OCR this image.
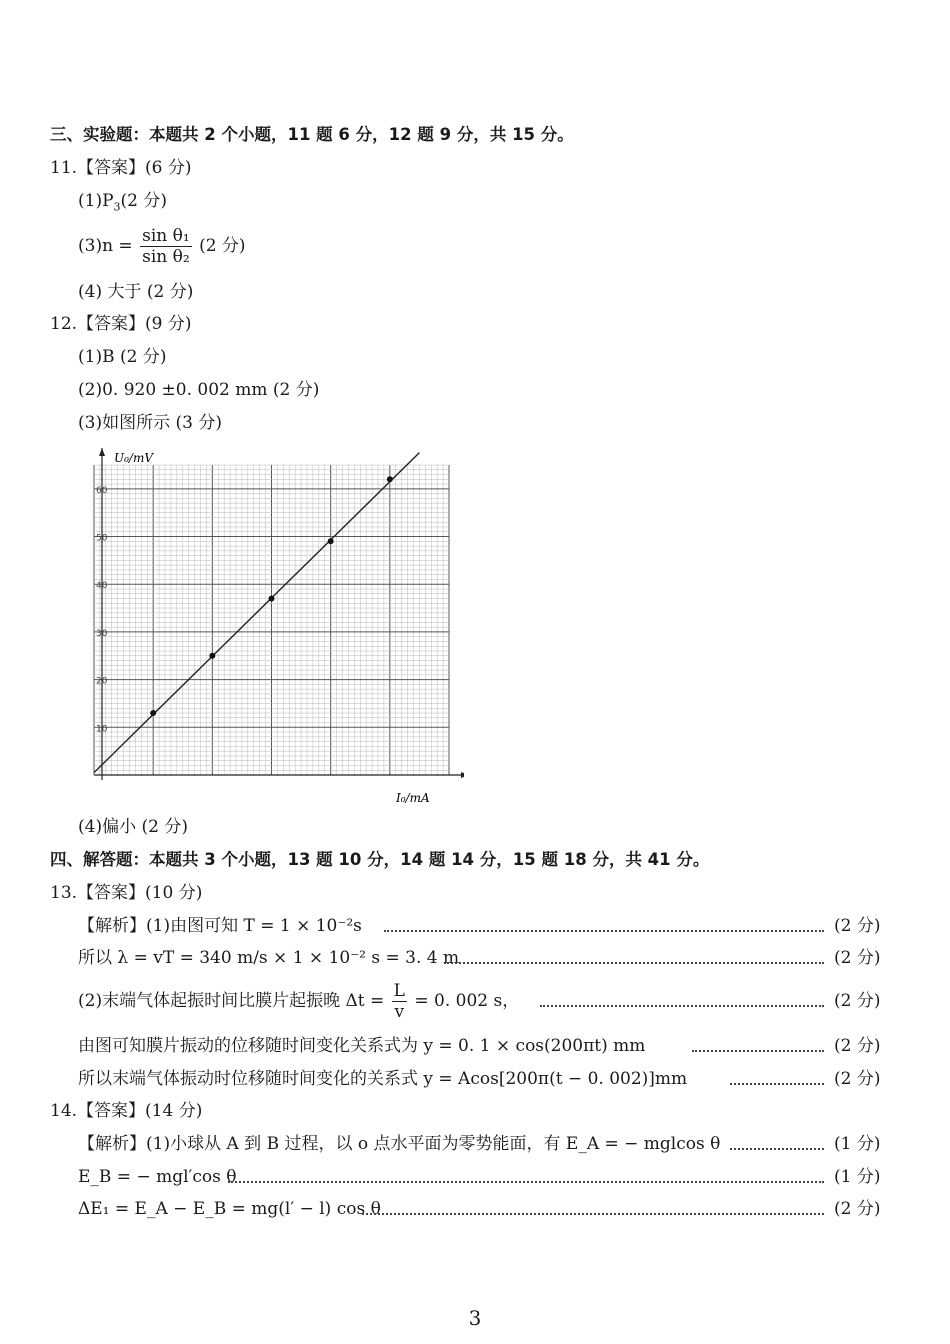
三、实验题：本题共 2 个小题，11 题 6 分，12 题 9 分，共 15 分。
11.【答案】(6 分)
$(1)P_3(2$ 分)
$(3)n = \frac{\text{sin θ₁}}{\text{sin θ₂}} (2$ 分)
(4) 大于 (2 分)
12.【答案】(9 分)
(1)B (2 分)
(2)0. 920 ±0. 002 mm (2 分)
(3)如图所示 (3 分)
10
20
30
40
50
60
U₀/mV
I₀/mA
(4)偏小 (2 分)
四、解答题：本题共 3 个小题，13 题 10 分，14 题 14 分，15 题 18 分，共 41 分。
13.【答案】(10 分)
【解析】(1)由图可知 T = 1 × 10⁻²s	(2 分)
所以 λ = vT = 340 m/s × 1 × 10⁻² s = 3. 4 m	(2 分)
(2)末端气体起振时间比膜片起振晚 $\Delta t = \frac{L}{v} = 0$. 002 s，	(2 分)
由图可知膜片振动的位移随时间变化关系式为 y = 0. 1 × cos(200πt) mm	(2 分)
所以末端气体振动时位移随时间变化的关系式 y = Acos[200π(t − 0. 002)]mm	(2 分)
14.【答案】(14 分)
【解析】(1)小球从 A 到 B 过程，以 o 点水平面为零势能面，有 E_A = − mglcos θ	(1 分)
E_B = − mgl′cos θ	(1 分)
ΔE₁ = E_A − E_B = mg(l′ − l) cos θ	(2 分)
3
